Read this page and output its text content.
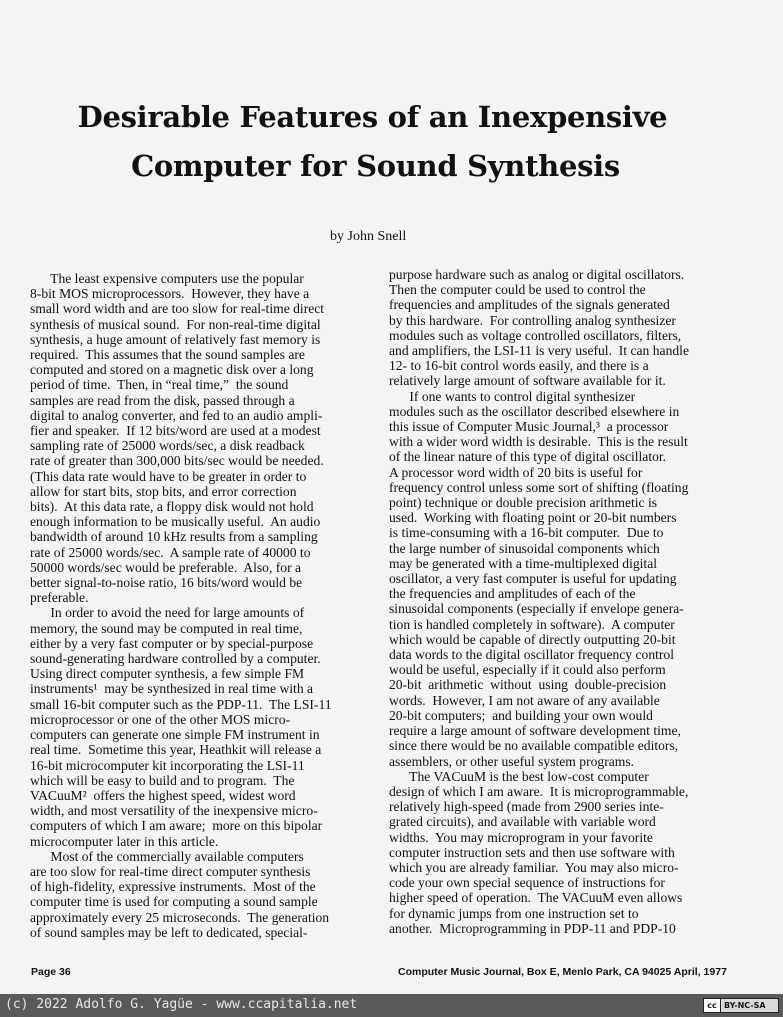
Desirable Features of an Inexpensive
Computer for Sound Synthesis
by John Snell
The least expensive computers use the popular
8-bit MOS microprocessors.  However, they have a
small word width and are too slow for real-time direct
synthesis of musical sound.  For non-real-time digital
synthesis, a huge amount of relatively fast memory is
required.  This assumes that the sound samples are
computed and stored on a magnetic disk over a long
period of time.  Then, in “real time,”  the sound
samples are read from the disk, passed through a
digital to analog converter, and fed to an audio ampli-
fier and speaker.  If 12 bits/word are used at a modest
sampling rate of 25000 words/sec, a disk readback
rate of greater than 300,000 bits/sec would be needed.
(This data rate would have to be greater in order to
allow for start bits, stop bits, and error correction
bits).  At this data rate, a floppy disk would not hold
enough information to be musically useful.  An audio
bandwidth of around 10 kHz results from a sampling
rate of 25000 words/sec.  A sample rate of 40000 to
50000 words/sec would be preferable.  Also, for a
better signal-to-noise ratio, 16 bits/word would be
preferable.
In order to avoid the need for large amounts of
memory, the sound may be computed in real time,
either by a very fast computer or by special-purpose
sound-generating hardware controlled by a computer.
Using direct computer synthesis, a few simple FM
instruments¹  may be synthesized in real time with a
small 16-bit computer such as the PDP-11.  The LSI-11
microprocessor or one of the other MOS micro-
computers can generate one simple FM instrument in
real time.  Sometime this year, Heathkit will release a
16-bit microcomputer kit incorporating the LSI-11
which will be easy to build and to program.  The
VACuuM²  offers the highest speed, widest word
width, and most versatility of the inexpensive micro-
computers of which I am aware;  more on this bipolar
microcomputer later in this article.
Most of the commercially available computers
are too slow for real-time direct computer synthesis
of high-fidelity, expressive instruments.  Most of the
computer time is used for computing a sound sample
approximately every 25 microseconds.  The generation
of sound samples may be left to dedicated, special-
purpose hardware such as analog or digital oscillators.
Then the computer could be used to control the
frequencies and amplitudes of the signals generated
by this hardware.  For controlling analog synthesizer
modules such as voltage controlled oscillators, filters,
and amplifiers, the LSI-11 is very useful.  It can handle
12- to 16-bit control words easily, and there is a
relatively large amount of software available for it.
If one wants to control digital synthesizer
modules such as the oscillator described elsewhere in
this issue of Computer Music Journal,³  a processor
with a wider word width is desirable.  This is the result
of the linear nature of this type of digital oscillator.
A processor word width of 20 bits is useful for
frequency control unless some sort of shifting (floating
point) technique or double precision arithmetic is
used.  Working with floating point or 20-bit numbers
is time-consuming with a 16-bit computer.  Due to
the large number of sinusoidal components which
may be generated with a time-multiplexed digital
oscillator, a very fast computer is useful for updating
the frequencies and amplitudes of each of the
sinusoidal components (especially if envelope genera-
tion is handled completely in software).  A computer
which would be capable of directly outputting 20-bit
data words to the digital oscillator frequency control
would be useful, especially if it could also perform
20-bit  arithmetic  without  using  double-precision
words.  However, I am not aware of any available
20-bit computers;  and building your own would
require a large amount of software development time,
since there would be no available compatible editors,
assemblers, or other useful system programs.
The VACuuM is the best low-cost computer
design of which I am aware.  It is microprogrammable,
relatively high-speed (made from 2900 series inte-
grated circuits), and available with variable word
widths.  You may microprogram in your favorite
computer instruction sets and then use software with
which you are already familiar.  You may also micro-
code your own special sequence of instructions for
higher speed of operation.  The VACuuM even allows
for dynamic jumps from one instruction set to
another.  Microprogramming in PDP-11 and PDP-10
Page 36	Computer Music Journal, Box E, Menlo Park, CA 94025 April, 1977
(c) 2022 Adolfo G. Yagüe - www.ccapitalia.net	cc BY-NC-SA
